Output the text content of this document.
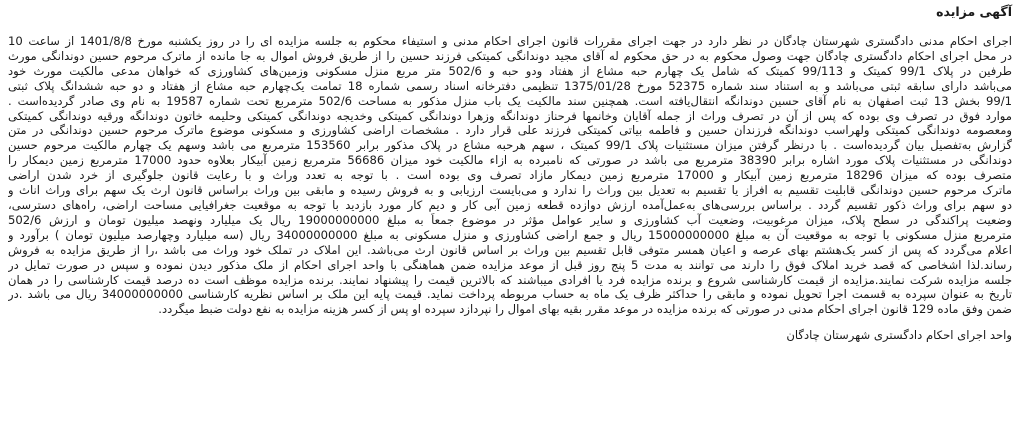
آگهی مزایده
اجرای احکام مدنی دادگستری شهرستان چادگان در نظر دارد در جهت اجرای مقررات قانون اجرای احکام مدنی و استیفاء محکوم به جلسه مزایده ای را در روز یکشنبه مورخ 1401/8/8 از ساعت 10
در محل اجرای احکام دادگستری چادگان جهت وصول محکوم به در حق محکوم له آقای مجید دوندانگی کمیتکی فرزند حسین را از طریق فروش اموال به جا مانده از ماترک مرحوم حسین دوندانگی مورث
طرفین در پلاک 99/1 کمیتک و 99/113 کمیتک که شامل یک چهارم حبه مشاع از هفتاد ودو حبه و 502/6 متر مربع منزل مسکونی وزمین‌های کشاورزی که خواهان مدعی مالکیت مورث خود
می‌باشد دارای سابقه ثبتی می‌باشد و به استناد سند شماره 52375 مورخ 1375/01/28 تنظیمی دفترخانه اسناد رسمی شماره 18 تمامت یک‌چهارم حبه مشاع از هفتاد و دو حبه ششدانگ پلاک ثبتی
99/1 بخش 13 ثبت اصفهان به نام آقای حسین دوندانگه انتقال‌یافته است. همچنین سند مالکیت یک باب منزل مذکور به مساحت 502/6 مترمربع تحت شماره 19587 به نام وی صادر گردیده‌است .
موارد فوق در تصرف وی بوده که پس از آن در تصرف وراث از جمله آقایان وخانمها فرحناز دوندانگه وزهرا دوندانگی کمیتکی وخدیجه دوندانگی کمیتکی وحلیمه خاتون دوندانگه ورقیه دوندانگی کمیتکی
ومعصومه دوندانگی کمیتکی ولهراسب دوندانگه فرزندان حسین و فاطمه بیاتی کمیتکی فرزند علی قرار دارد . مشخصات اراضی کشاورزی و مسکونی موضوع ماترک مرحوم حسین دوندانگی در متن
گزارش به‌تفصیل بیان گردیده‌است . با درنظر گرفتن میزان مستثنیات پلاک 99/1 کمیتک ، سهم هرحبه مشاع در پلاک مذکور برابر 153560 مترمربع می باشد وسهم یک چهارم مالکیت مرحوم حسین
دوندانگی در مستثنیات پلاک مورد اشاره برابر 38390 مترمربع می باشد در صورتی که نامبرده به ازاء مالکیت خود میزان 56686 مترمربع زمین آبیکار بعلاوه حدود 17000 مترمربع زمین دیمکار را
متصرف بوده که میزان 18296 مترمربع زمین آبیکار و 17000 مترمربع زمین دیمکار مازاد تصرف وی بوده است . با توجه به تعدد وراث و با رعایت قانون جلوگیری از خرد شدن اراضی
ماترک مرحوم حسین دوندانگی قابلیت تقسیم به افراز یا تقسیم به تعدیل بین وراث را ندارد و می‌بایست ارزیابی و به فروش رسیده و مابقی بین وراث براساس قانون ارث یک سهم برای وراث اناث و
دو سهم برای وراث ذکور تقسیم گردد . براساس بررسی‌های به‌عمل‌آمده ارزش دوازده قطعه زمین آبی کار و دیم کار مورد بازدید با توجه به موقعیت جغرافیایی مساحت اراضی، راه‌های دسترسی،
وضعیت پراکندگی در سطح پلاک، میزان مرغوبیت، وضعیت آب کشاورزی و سایر عوامل مؤثر در موضوع جمعاً به مبلغ 19000000000 ریال یک میلیارد ونهصد میلیون تومان و ارزش 502/6
مترمربع منزل مسکونی با توجه به موقعیت آن به مبلغ 15000000000 ریال و جمع اراضی کشاورزی و منزل مسکونی به مبلغ 34000000000 ریال (سه میلیارد وچهارصد میلیون تومان ) برآورد و
اعلام می‌گردد که پس از کسر یک‌هشتم بهای عرصه و اعیان همسر متوفی قابل تقسیم بین وراث بر اساس قانون ارث می‌باشد. این املاک در تملک خود وراث می باشد ،را از طریق مزایده به فروش
رساند.لذا اشخاصی که قصد خرید املاک فوق را دارند می توانند به مدت 5 پنج روز قبل از موعد مزایده ضمن هماهنگی با واحد اجرای احکام از ملک مذکور دیدن نموده و سپس در صورت تمایل در
جلسه مزایده شرکت نمایند.مزایده از قیمت کارشناسی شروع و برنده مزایده فرد یا افرادی میباشند که بالاترین قیمت را پیشنهاد نمایند. برنده مزایده موظف است ده درصد قیمت کارشناسی را در همان
تاریخ به عنوان سپرده به قسمت اجرا تحویل نموده و مابقی را حداکثر ظرف یک ماه به حساب مربوطه پرداخت نماید. قیمت پایه این ملک بر اساس نظریه کارشناسی 34000000000 ریال می باشد .در
ضمن وفق ماده 129 قانون اجرای احکام مدنی در صورتی که برنده مزایده در موعد مقرر بقیه بهای اموال را نپردازد سپرده او پس از کسر هزینه مزایده به نفع دولت ضبط میگردد.
واحد اجرای احکام دادگستری شهرستان چادگان
